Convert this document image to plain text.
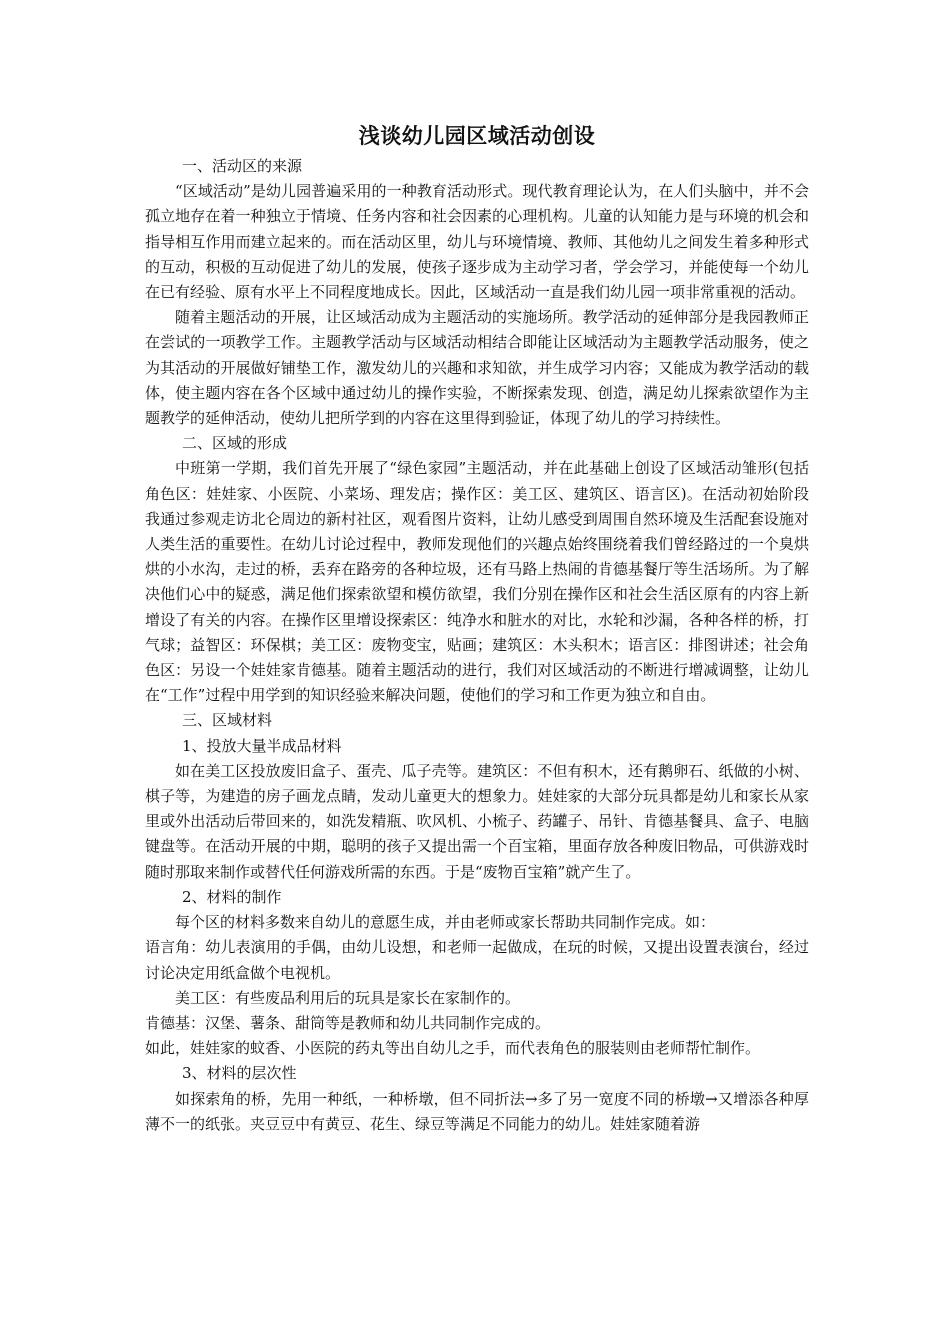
浅谈幼儿园区域活动创设

一、活动区的来源

“区域活动”是幼儿园普遍采用的一种教育活动形式。现代教育理论认为，在人们头脑中，并不会孤立地存在着一种独立于情境、任务内容和社会因素的心理机构。儿童的认知能力是与环境的机会和指导相互作用而建立起来的。而在活动区里，幼儿与环境情境、教师、其他幼儿之间发生着多种形式的互动，积极的互动促进了幼儿的发展，使孩子逐步成为主动学习者，学会学习，并能使每一个幼儿在已有经验、原有水平上不同程度地成长。因此，区域活动一直是我们幼儿园一项非常重视的活动。

随着主题活动的开展，让区域活动成为主题活动的实施场所。教学活动的延伸部分是我园教师正在尝试的一项教学工作。主题教学活动与区域活动相结合即能让区域活动为主题教学活动服务，使之为其活动的开展做好铺垫工作，激发幼儿的兴趣和求知欲，并生成学习内容；又能成为教学活动的载体，使主题内容在各个区域中通过幼儿的操作实验，不断探索发现、创造，满足幼儿探索欲望作为主题教学的延伸活动，使幼儿把所学到的内容在这里得到验证，体现了幼儿的学习持续性。

二、区域的形成

中班第一学期，我们首先开展了“绿色家园”主题活动，并在此基础上创设了区域活动雏形(包括角色区：娃娃家、小医院、小菜场、理发店；操作区：美工区、建筑区、语言区)。在活动初始阶段我通过参观走访北仑周边的新村社区，观看图片资料，让幼儿感受到周围自然环境及生活配套设施对人类生活的重要性。在幼儿讨论过程中，教师发现他们的兴趣点始终围绕着我们曾经路过的一个臭烘烘的小水沟，走过的桥，丢弃在路旁的各种垃圾，还有马路上热闹的肯德基餐厅等生活场所。为了解决他们心中的疑惑，满足他们探索欲望和模仿欲望，我们分别在操作区和社会生活区原有的内容上新增设了有关的内容。在操作区里增设探索区：纯净水和脏水的对比，水轮和沙漏，各种各样的桥，打气球；益智区：环保棋；美工区：废物变宝，贴画；建筑区：木头积木；语言区：排图讲述；社会角色区：另设一个娃娃家肯德基。随着主题活动的进行，我们对区域活动的不断进行增减调整，让幼儿在“工作”过程中用学到的知识经验来解决问题，使他们的学习和工作更为独立和自由。

三、区域材料

1、投放大量半成品材料

如在美工区投放废旧盒子、蛋壳、瓜子壳等。建筑区：不但有积木，还有鹅卵石、纸做的小树、棋子等，为建造的房子画龙点睛，发动儿童更大的想象力。娃娃家的大部分玩具都是幼儿和家长从家里或外出活动后带回来的，如洗发精瓶、吹风机、小梳子、药罐子、吊针、肯德基餐具、盒子、电脑键盘等。在活动开展的中期，聪明的孩子又提出需一个百宝箱，里面存放各种废旧物品，可供游戏时随时那取来制作或替代任何游戏所需的东西。于是“废物百宝箱”就产生了。

2、材料的制作

每个区的材料多数来自幼儿的意愿生成，并由老师或家长帮助共同制作完成。如：

语言角：幼儿表演用的手偶，由幼儿设想，和老师一起做成，在玩的时候，又提出设置表演台，经过讨论决定用纸盒做个电视机。

美工区：有些废品利用后的玩具是家长在家制作的。

肯德基：汉堡、薯条、甜筒等是教师和幼儿共同制作完成的。

如此，娃娃家的蚊香、小医院的药丸等出自幼儿之手，而代表角色的服装则由老师帮忙制作。

3、材料的层次性

如探索角的桥，先用一种纸，一种桥墩，但不同折法→多了另一宽度不同的桥墩→又增添各种厚薄不一的纸张。夹豆豆中有黄豆、花生、绿豆等满足不同能力的幼儿。娃娃家随着游
